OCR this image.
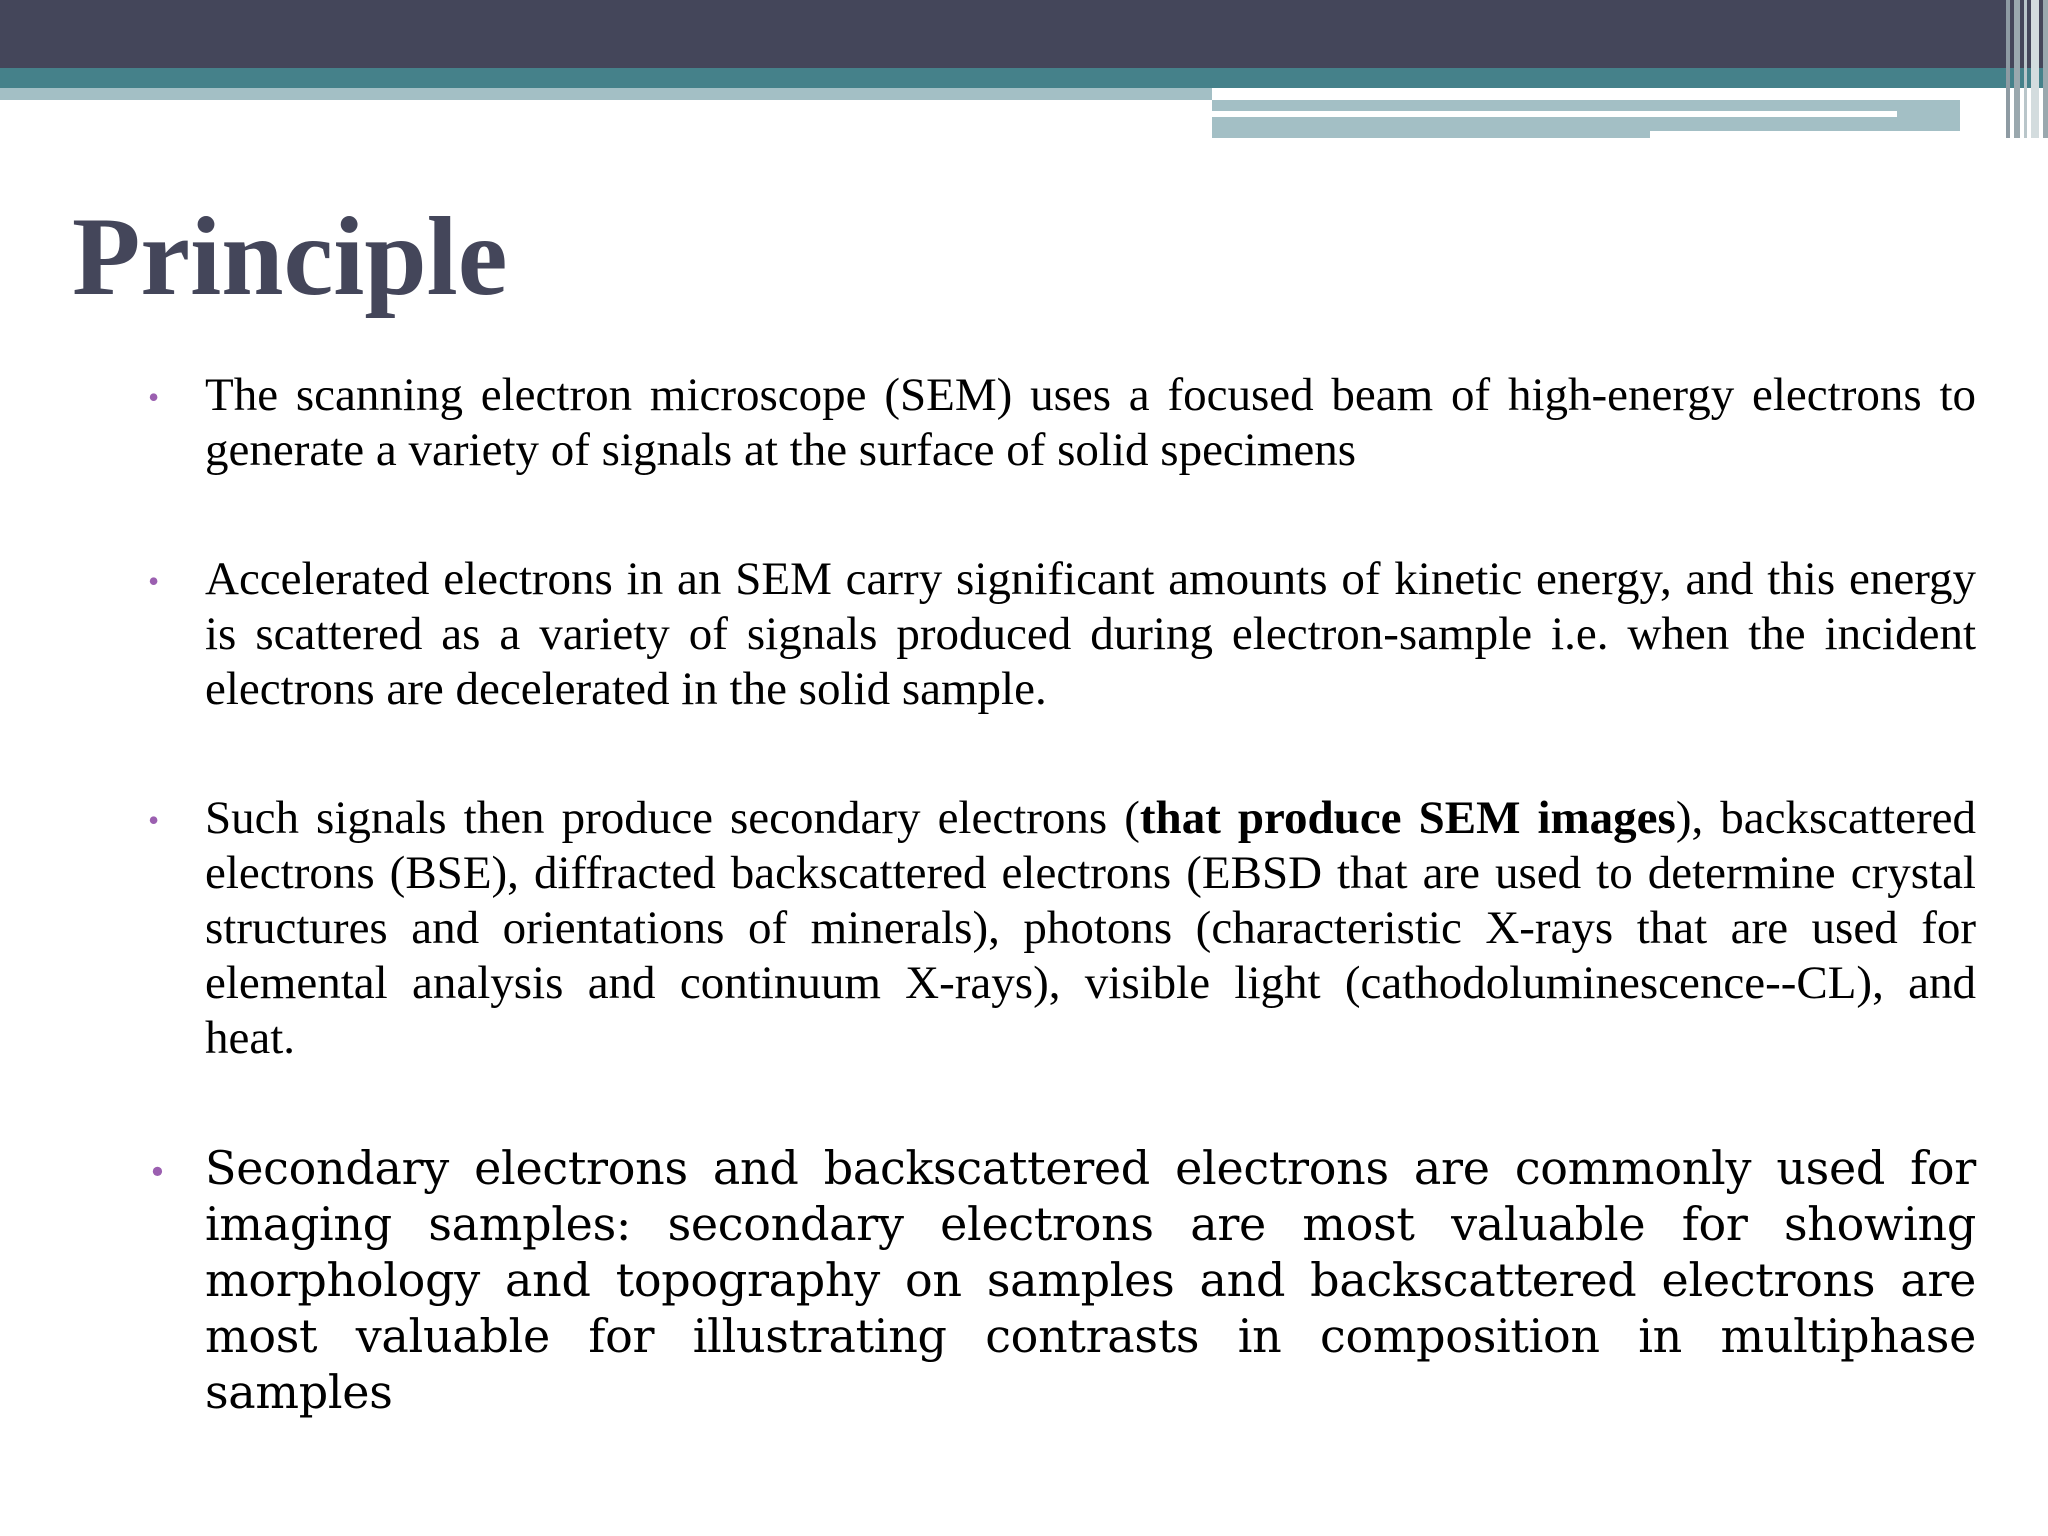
Principle
• The scanning electron microscope (SEM) uses a focused beam of high-energy electrons to generate a variety of signals at the surface of solid specimens
• Accelerated electrons in an SEM carry significant amounts of kinetic energy, and this energy is scattered as a variety of signals produced during electron-sample i.e. when the incident electrons are decelerated in the solid sample.
• Such signals then produce secondary electrons (that produce SEM images), backscattered electrons (BSE), diffracted backscattered electrons (EBSD that are used to determine crystal structures and orientations of minerals), photons (characteristic X-rays that are used for elemental analysis and continuum X-rays), visible light (cathodoluminescence--CL), and heat.
• Secondary electrons and backscattered electrons are commonly used for imaging samples: secondary electrons are most valuable for showing morphology and topography on samples and backscattered electrons are most valuable for illustrating contrasts in composition in multiphase samples
